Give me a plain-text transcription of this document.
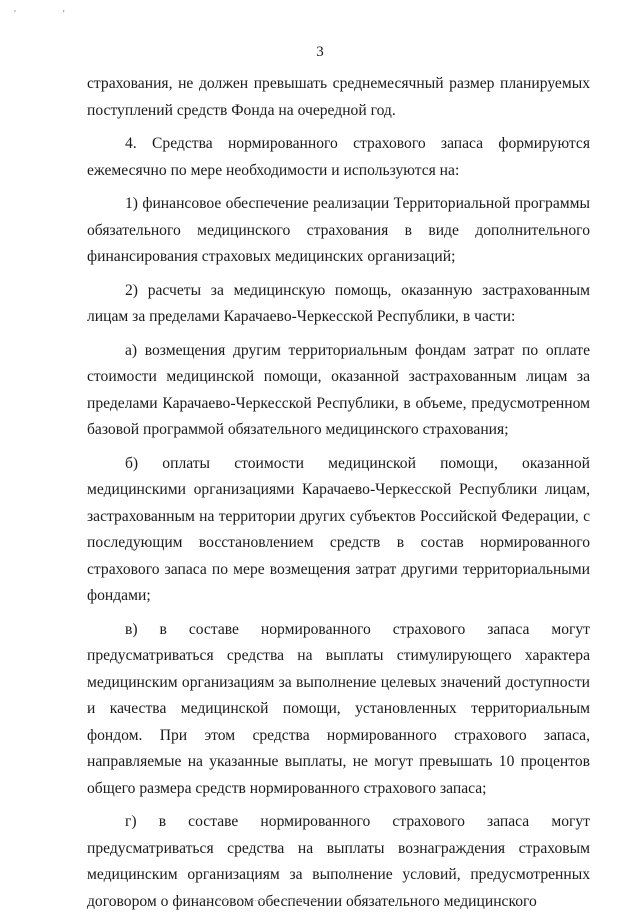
' '
3

страхования, не должен превышать среднемесячный размер планируемых поступлений средств Фонда на очередной год.

4. Средства нормированного страхового запаса формируются ежемесячно по мере необходимости и используются на:

1) финансовое обеспечение реализации Территориальной программы обязательного медицинского страхования в виде дополнительного финансирования страховых медицинских организаций;

2) расчеты за медицинскую помощь, оказанную застрахованным лицам за пределами Карачаево-Черкесской Республики, в части:

а) возмещения другим территориальным фондам затрат по оплате стоимости медицинской помощи, оказанной застрахованным лицам за пределами Карачаево-Черкесской Республики, в объеме, предусмотренном базовой программой обязательного медицинского страхования;

б) оплаты стоимости медицинской помощи, оказанной медицинскими организациями Карачаево-Черкесской Республики лицам, застрахованным на территории других субъектов Российской Федерации, с последующим восстановлением средств в состав нормированного страхового запаса по мере возмещения затрат другими территориальными фондами;

в) в составе нормированного страхового запаса могут предусматриваться средства на выплаты стимулирующего характера медицинским организациям за выполнение целевых значений доступности и качества медицинской помощи, установленных территориальным фондом. При этом средства нормированного страхового запаса, направляемые на указанные выплаты, не могут превышать 10 процентов общего размера средств нормированного страхового запаса;

г) в составе нормированного страхового запаса могут предусматриваться средства на выплаты вознаграждения страховым медицинским организациям за выполнение условий, предусмотренных договором о финансовом обеспечении обязательного медицинского
